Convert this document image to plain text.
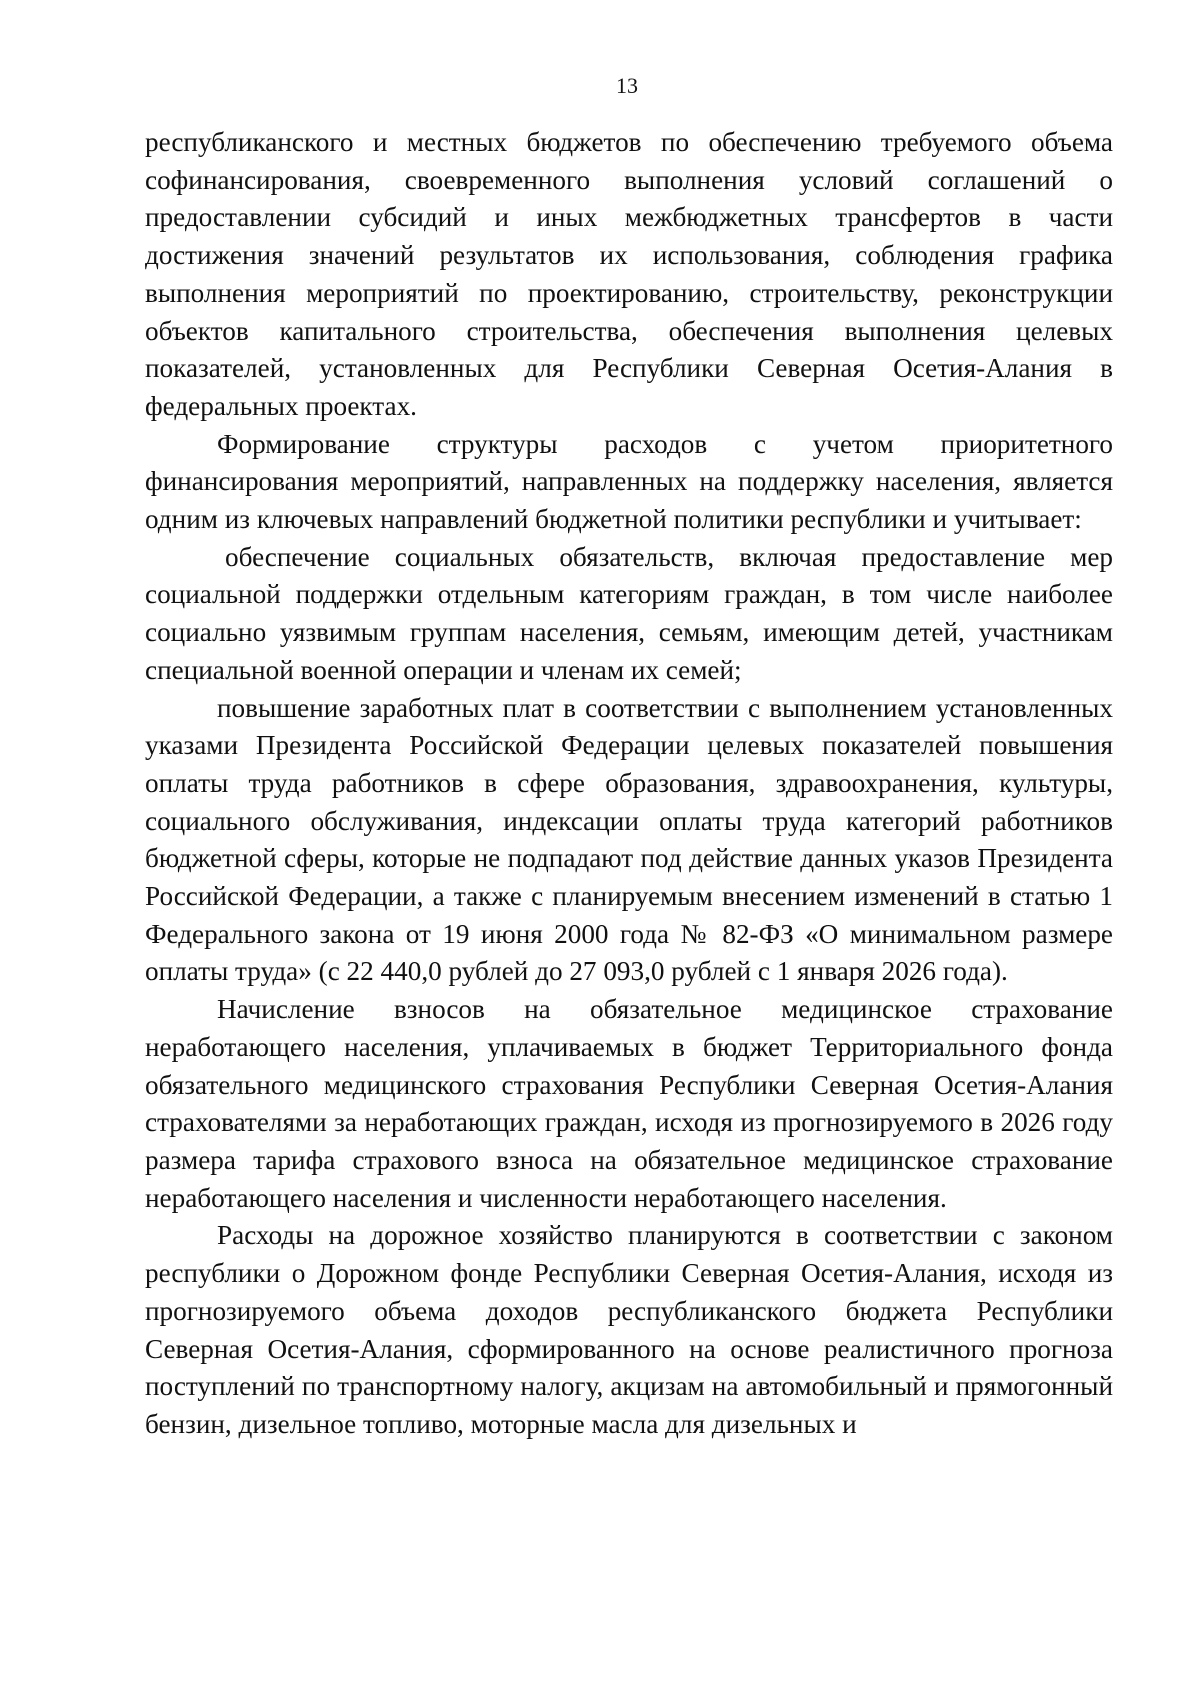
13

республиканского и местных бюджетов по обеспечению требуемого объема софинансирования, своевременного выполнения условий соглашений о предоставлении субсидий и иных межбюджетных трансфертов в части достижения значений результатов их использования, соблюдения графика выполнения мероприятий по проектированию, строительству, реконструкции объектов капитального строительства, обеспечения выполнения целевых показателей, установленных для Республики Северная Осетия-Алания в федеральных проектах.

Формирование структуры расходов с учетом приоритетного финансирования мероприятий, направленных на поддержку населения, является одним из ключевых направлений бюджетной политики республики и учитывает:

обеспечение социальных обязательств, включая предоставление мер социальной поддержки отдельным категориям граждан, в том числе наиболее социально уязвимым группам населения, семьям, имеющим детей, участникам специальной военной операции и членам их семей;

повышение заработных плат в соответствии с выполнением установленных указами Президента Российской Федерации целевых показателей повышения оплаты труда работников в сфере образования, здравоохранения, культуры, социального обслуживания, индексации оплаты труда категорий работников бюджетной сферы, которые не подпадают под действие данных указов Президента Российской Федерации, а также с планируемым внесением изменений в статью 1 Федерального закона от 19 июня 2000 года № 82-ФЗ «О минимальном размере оплаты труда» (с 22 440,0 рублей до 27 093,0 рублей с 1 января 2026 года).

Начисление взносов на обязательное медицинское страхование неработающего населения, уплачиваемых в бюджет Территориального фонда обязательного медицинского страхования Республики Северная Осетия-Алания страхователями за неработающих граждан, исходя из прогнозируемого в 2026 году размера тарифа страхового взноса на обязательное медицинское страхование неработающего населения и численности неработающего населения.

Расходы на дорожное хозяйство планируются в соответствии с законом республики о Дорожном фонде Республики Северная Осетия-Алания, исходя из прогнозируемого объема доходов республиканского бюджета Республики Северная Осетия-Алания, сформированного на основе реалистичного прогноза поступлений по транспортному налогу, акцизам на автомобильный и прямогонный бензин, дизельное топливо, моторные масла для дизельных и
